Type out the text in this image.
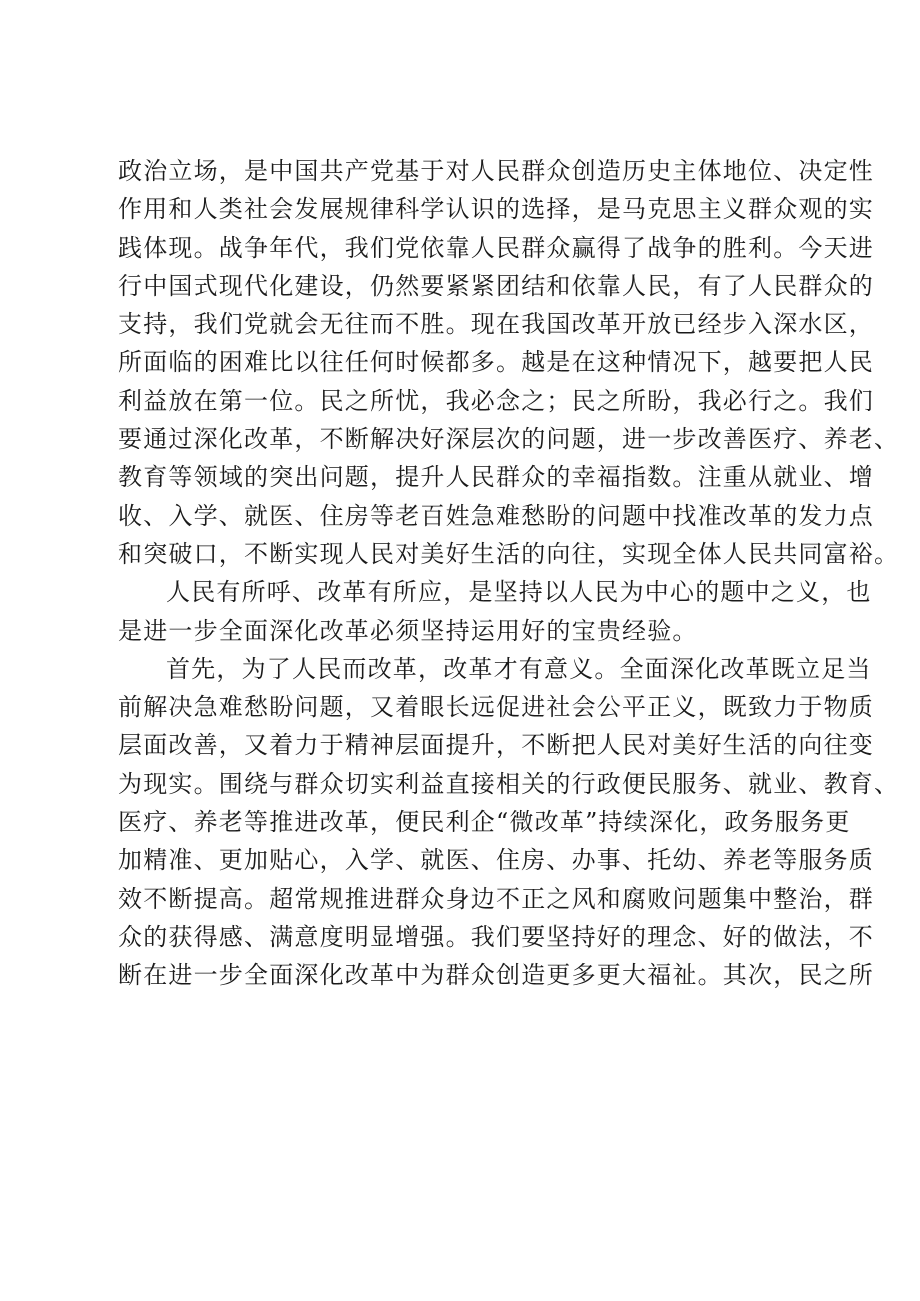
政治立场，是中国共产党基于对人民群众创造历史主体地位、决定性
作用和人类社会发展规律科学认识的选择，是马克思主义群众观的实
践体现。战争年代，我们党依靠人民群众赢得了战争的胜利。今天进
行中国式现代化建设，仍然要紧紧团结和依靠人民，有了人民群众的
支持，我们党就会无往而不胜。现在我国改革开放已经步入深水区，
所面临的困难比以往任何时候都多。越是在这种情况下，越要把人民
利益放在第一位。民之所忧，我必念之；民之所盼，我必行之。我们
要通过深化改革，不断解决好深层次的问题，进一步改善医疗、养老、
教育等领域的突出问题，提升人民群众的幸福指数。注重从就业、增
收、入学、就医、住房等老百姓急难愁盼的问题中找准改革的发力点
和突破口，不断实现人民对美好生活的向往，实现全体人民共同富裕。
人民有所呼、改革有所应，是坚持以人民为中心的题中之义，也
是进一步全面深化改革必须坚持运用好的宝贵经验。
首先，为了人民而改革，改革才有意义。全面深化改革既立足当
前解决急难愁盼问题，又着眼长远促进社会公平正义，既致力于物质
层面改善，又着力于精神层面提升，不断把人民对美好生活的向往变
为现实。围绕与群众切实利益直接相关的行政便民服务、就业、教育、
医疗、养老等推进改革，便民利企“微改革”持续深化，政务服务更
加精准、更加贴心，入学、就医、住房、办事、托幼、养老等服务质
效不断提高。超常规推进群众身边不正之风和腐败问题集中整治，群
众的获得感、满意度明显增强。我们要坚持好的理念、好的做法，不
断在进一步全面深化改革中为群众创造更多更大福祉。其次，民之所
